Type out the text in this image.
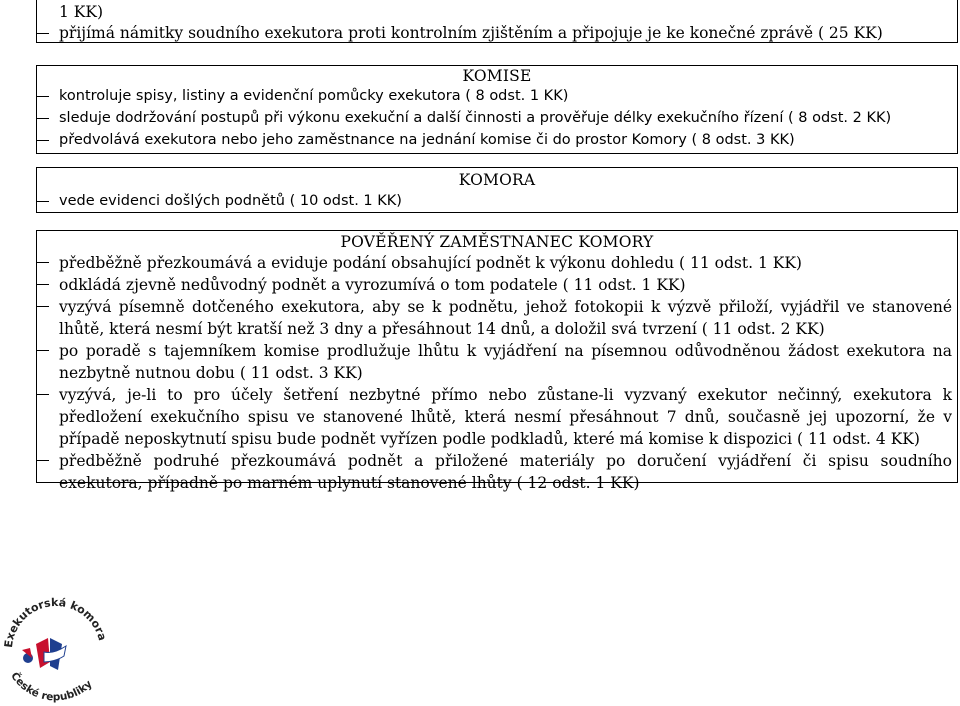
1 KK)
přijímá námitky soudního exekutora proti kontrolním zjištěním a připojuje je ke konečné zprávě ( 25 KK)
KOMISE
kontroluje spisy, listiny a evidenční pomůcky exekutora ( 8 odst. 1 KK)
sleduje dodržování postupů při výkonu exekuční a další činnosti a prověřuje délky exekučního řízení ( 8 odst. 2 KK)
předvolává exekutora nebo jeho zaměstnance na jednání komise či do prostor Komory ( 8 odst. 3 KK)
KOMORA
vede evidenci došlých podnětů ( 10 odst. 1 KK)
POVĚŘENÝ ZAMĚSTNANEC KOMORY
předběžně přezkoumává a eviduje podání obsahující podnět k výkonu dohledu ( 11 odst. 1 KK)
odkládá zjevně nedůvodný podnět a vyrozumívá o tom podatele ( 11 odst. 1 KK)
vyzývá písemně dotčeného exekutora, aby se k podnětu, jehož fotokopii k výzvě přiloží, vyjádřil ve stanovené lhůtě, která nesmí být kratší než 3 dny a přesáhnout 14 dnů, a doložil svá tvrzení ( 11 odst. 2 KK)
po poradě s tajemníkem komise prodlužuje lhůtu k vyjádření na písemnou odůvodněnou žádost exekutora na nezbytně nutnou dobu ( 11 odst. 3 KK)
vyzývá, je-li to pro účely šetření nezbytné přímo nebo zůstane-li vyzvaný exekutor nečinný, exekutora k předložení exekučního spisu ve stanovené lhůtě, která nesmí přesáhnout 7 dnů, současně jej upozorní, že v případě neposkytnutí spisu bude podnět vyřízen podle podkladů, které má komise k dispozici ( 11 odst. 4 KK)
předběžně podruhé přezkoumává podnět a přiložené materiály po doručení vyjádření či spisu soudního exekutora, případně po marném uplynutí stanovené lhůty ( 12 odst. 1 KK)
Exekutorská komora
České republiky
